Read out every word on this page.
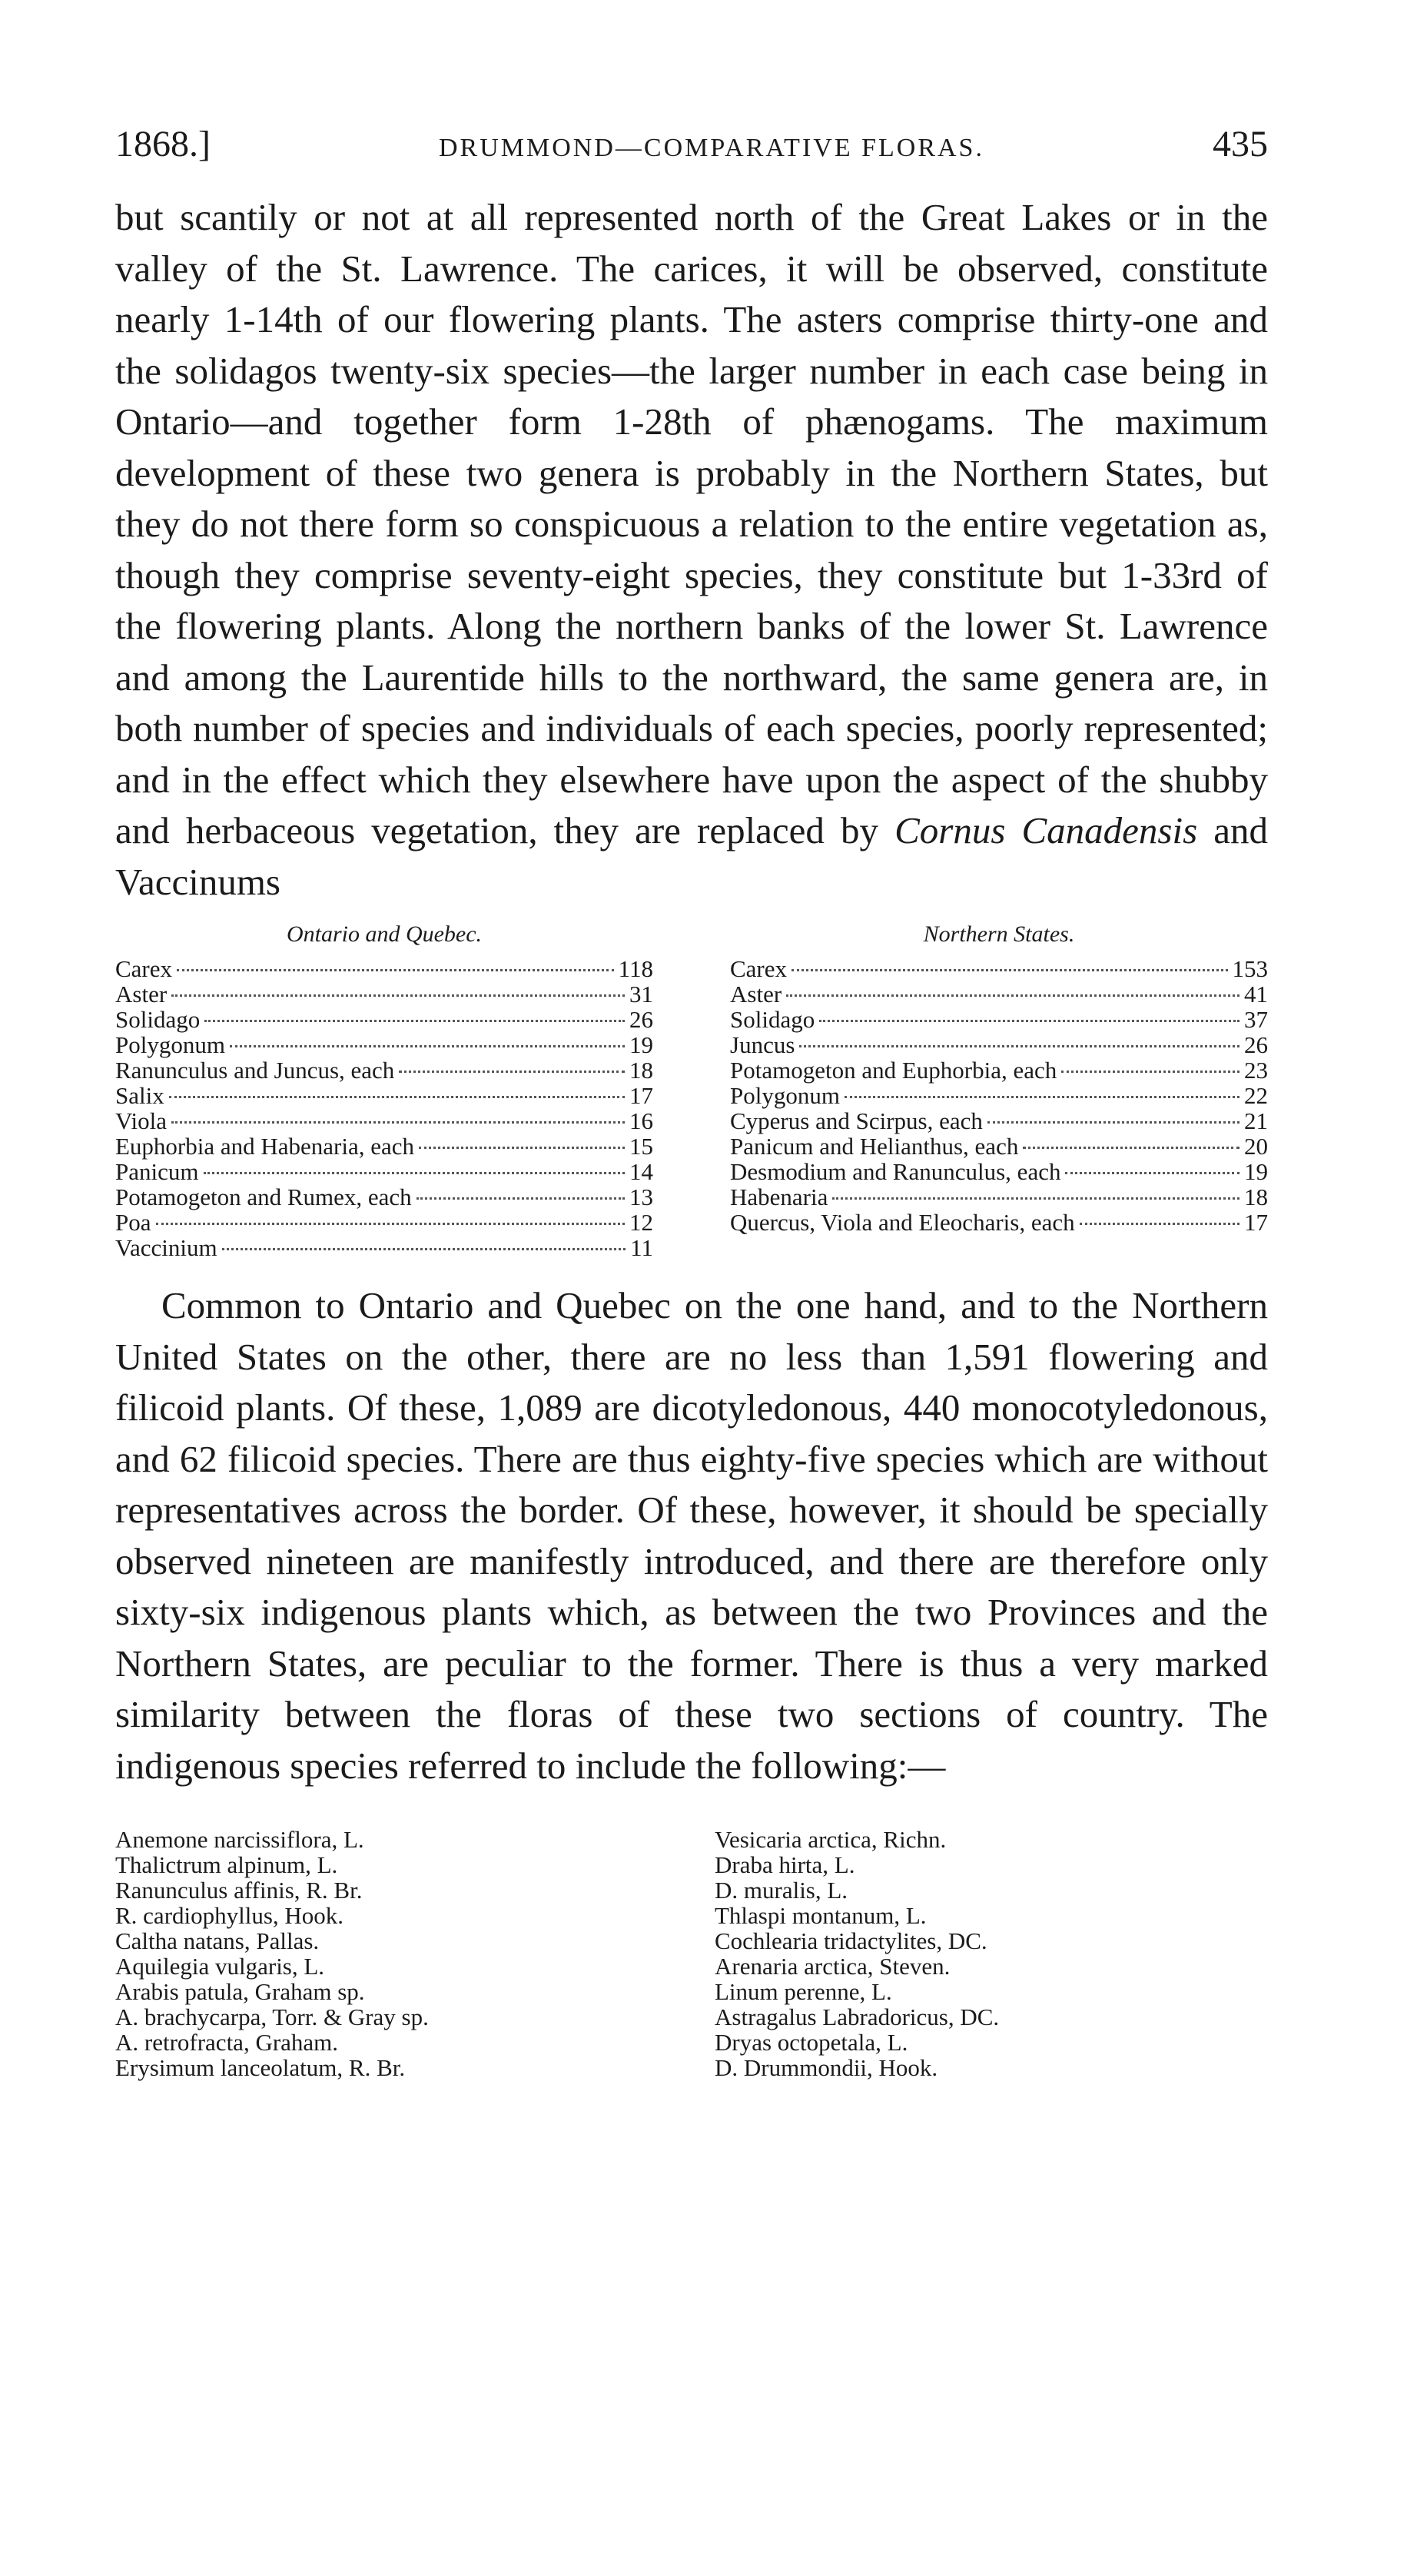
1868.]	DRUMMOND—COMPARATIVE FLORAS.	435

but scantily or not at all represented north of the Great Lakes or in the valley of the St. Lawrence. The carices, it will be observed, constitute nearly 1-14th of our flowering plants. The asters comprise thirty-one and the solidagos twenty-six species—the larger number in each case being in Ontario—and together form 1-28th of phænogams. The maximum development of these two genera is probably in the Northern States, but they do not there form so conspicuous a relation to the entire vegetation as, though they comprise seventy-eight species, they constitute but 1-33rd of the flowering plants. Along the northern banks of the lower St. Lawrence and among the Laurentide hills to the northward, the same genera are, in both number of species and individuals of each species, poorly represented; and in the effect which they elsewhere have upon the aspect of the shubby and herbaceous vegetation, they are replaced by Cornus Canadensis and Vaccinums

Ontario and Quebec.
Carex	118
Aster	31
Solidago	26
Polygonum	19
Ranunculus and Juncus, each	18
Salix	17
Viola	16
Euphorbia and Habenaria, each	15
Panicum	14
Potamogeton and Rumex, each	13
Poa	12
Vaccinium	11
Northern States.
Carex	153
Aster	41
Solidago	37
Juncus	26
Potamogeton and Euphorbia, each	23
Polygonum	22
Cyperus and Scirpus, each	21
Panicum and Helianthus, each	20
Desmodium and Ranunculus, each	19
Habenaria	18
Quercus, Viola and Eleocharis, each	17

Common to Ontario and Quebec on the one hand, and to the Northern United States on the other, there are no less than 1,591 flowering and filicoid plants. Of these, 1,089 are dicotyledonous, 440 monocotyledonous, and 62 filicoid species. There are thus eighty-five species which are without representatives across the border. Of these, however, it should be specially observed nineteen are manifestly introduced, and there are therefore only sixty-six indigenous plants which, as between the two Provinces and the Northern States, are peculiar to the former. There is thus a very marked similarity between the floras of these two sections of country. The indigenous species referred to include the following:—

Anemone narcissiflora, L.
Thalictrum alpinum, L.
Ranunculus affinis, R. Br.
R. cardiophyllus, Hook.
Caltha natans, Pallas.
Aquilegia vulgaris, L.
Arabis patula, Graham sp.
A. brachycarpa, Torr. & Gray sp.
A. retrofracta, Graham.
Erysimum lanceolatum, R. Br.
Vesicaria arctica, Richn.
Draba hirta, L.
D. muralis, L.
Thlaspi montanum, L.
Cochlearia tridactylites, DC.
Arenaria arctica, Steven.
Linum perenne, L.
Astragalus Labradoricus, DC.
Dryas octopetala, L.
D. Drummondii, Hook.
